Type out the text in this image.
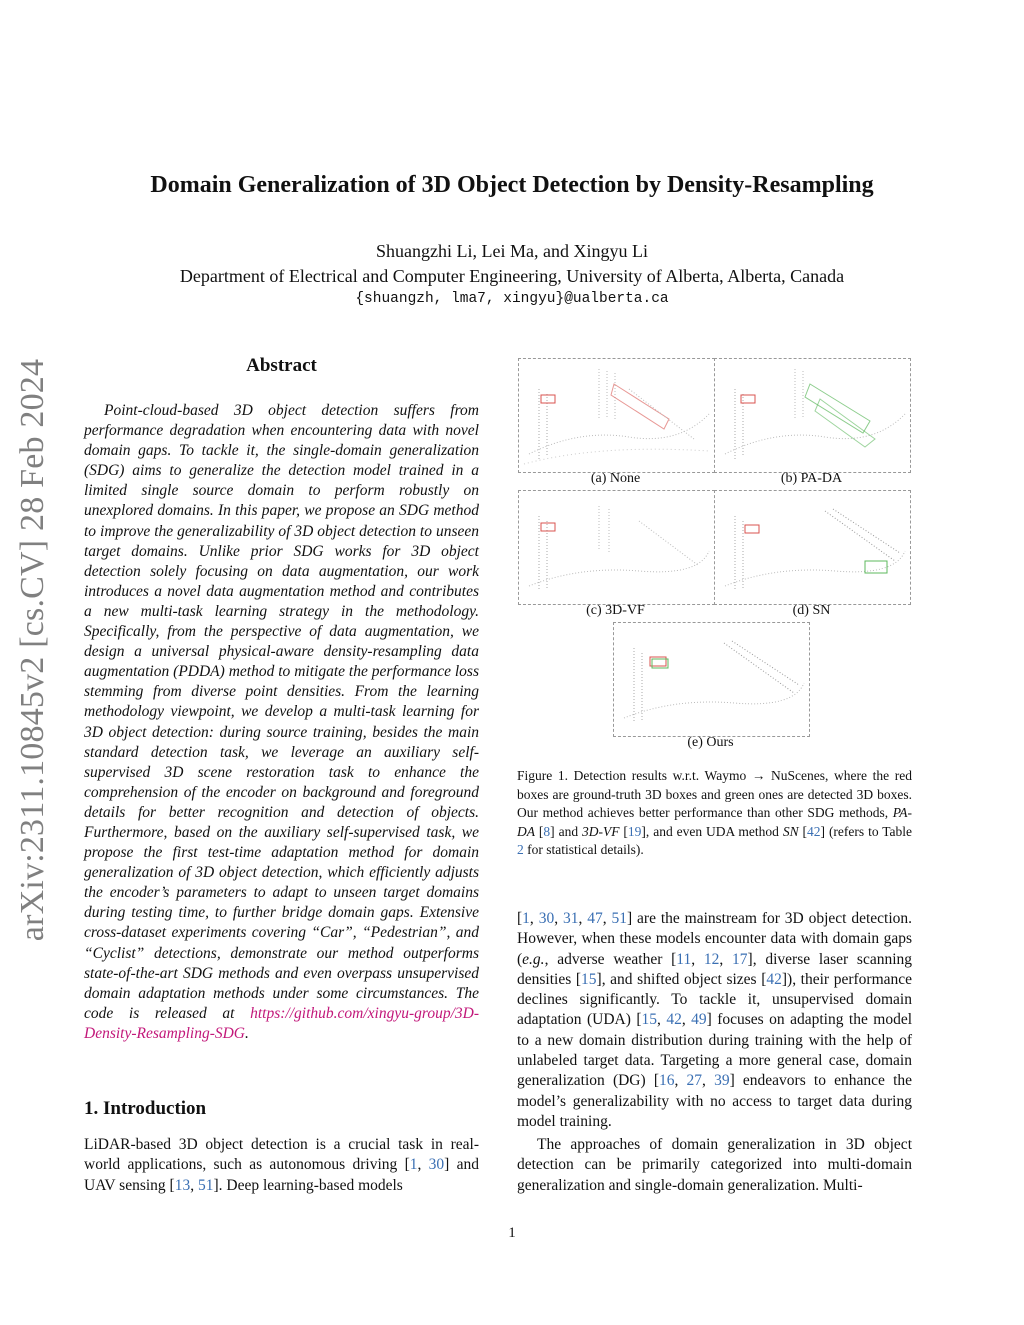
arXiv:2311.10845v2 [cs.CV] 28 Feb 2024
Domain Generalization of 3D Object Detection by Density-Resampling
Shuangzhi Li, Lei Ma, and Xingyu Li
Department of Electrical and Computer Engineering, University of Alberta, Alberta, Canada
{shuangzh, lma7, xingyu}@ualberta.ca
Abstract

Point-cloud-based 3D object detection suffers from performance degradation when encountering data with novel domain gaps. To tackle it, the single-domain generalization (SDG) aims to generalize the detection model trained in a limited single source domain to perform robustly on unexplored domains. In this paper, we propose an SDG method to improve the generalizability of 3D object detection to unseen target domains. Unlike prior SDG works for 3D object detection solely focusing on data augmentation, our work introduces a novel data augmentation method and contributes a new multi-task learning strategy in the methodology. Specifically, from the perspective of data augmentation, we design a universal physical-aware density-resampling data augmentation (PDDA) method to mitigate the performance loss stemming from diverse point densities. From the learning methodology viewpoint, we develop a multi-task learning for 3D object detection: during source training, besides the main standard detection task, we leverage an auxiliary self-supervised 3D scene restoration task to enhance the comprehension of the encoder on background and foreground details for better recognition and detection of objects. Furthermore, based on the auxiliary self-supervised task, we propose the first test-time adaptation method for domain generalization of 3D object detection, which efficiently adjusts the encoder’s parameters to adapt to unseen target domains during testing time, to further bridge domain gaps. Extensive cross-dataset experiments covering “Car”, “Pedestrian”, and “Cyclist” detections, demonstrate our method outperforms state-of-the-art SDG methods and even overpass unsupervised domain adaptation methods under some circumstances. The code is released at https://github.com/xingyu-group/3D-Density-Resampling-SDG.

1. Introduction

LiDAR-based 3D object detection is a crucial task in real-world applications, such as autonomous driving [1, 30] and UAV sensing [13, 51]. Deep learning-based models

(a) None	(b) PA-DA
(c) 3D-VF	(d) SN
(e) Ours
Figure 1. Detection results w.r.t. Waymo → NuScenes, where the red boxes are ground-truth 3D boxes and green ones are detected 3D boxes. Our method achieves better performance than other SDG methods, PA-DA [8] and 3D-VF [19], and even UDA method SN [42] (refers to Table 2 for statistical details).

[1, 30, 31, 47, 51] are the mainstream for 3D object detection. However, when these models encounter data with domain gaps (e.g., adverse weather [11, 12, 17], diverse laser scanning densities [15], and shifted object sizes [42]), their performance declines significantly. To tackle it, unsupervised domain adaptation (UDA) [15, 42, 49] focuses on adapting the model to a new domain distribution during training with the help of unlabeled target data. Targeting a more general case, domain generalization (DG) [16, 27, 39] endeavors to enhance the model’s generalizability with no access to target data during model training.

The approaches of domain generalization in 3D object detection can be primarily categorized into multi-domain generalization and single-domain generalization. Multi-

1
